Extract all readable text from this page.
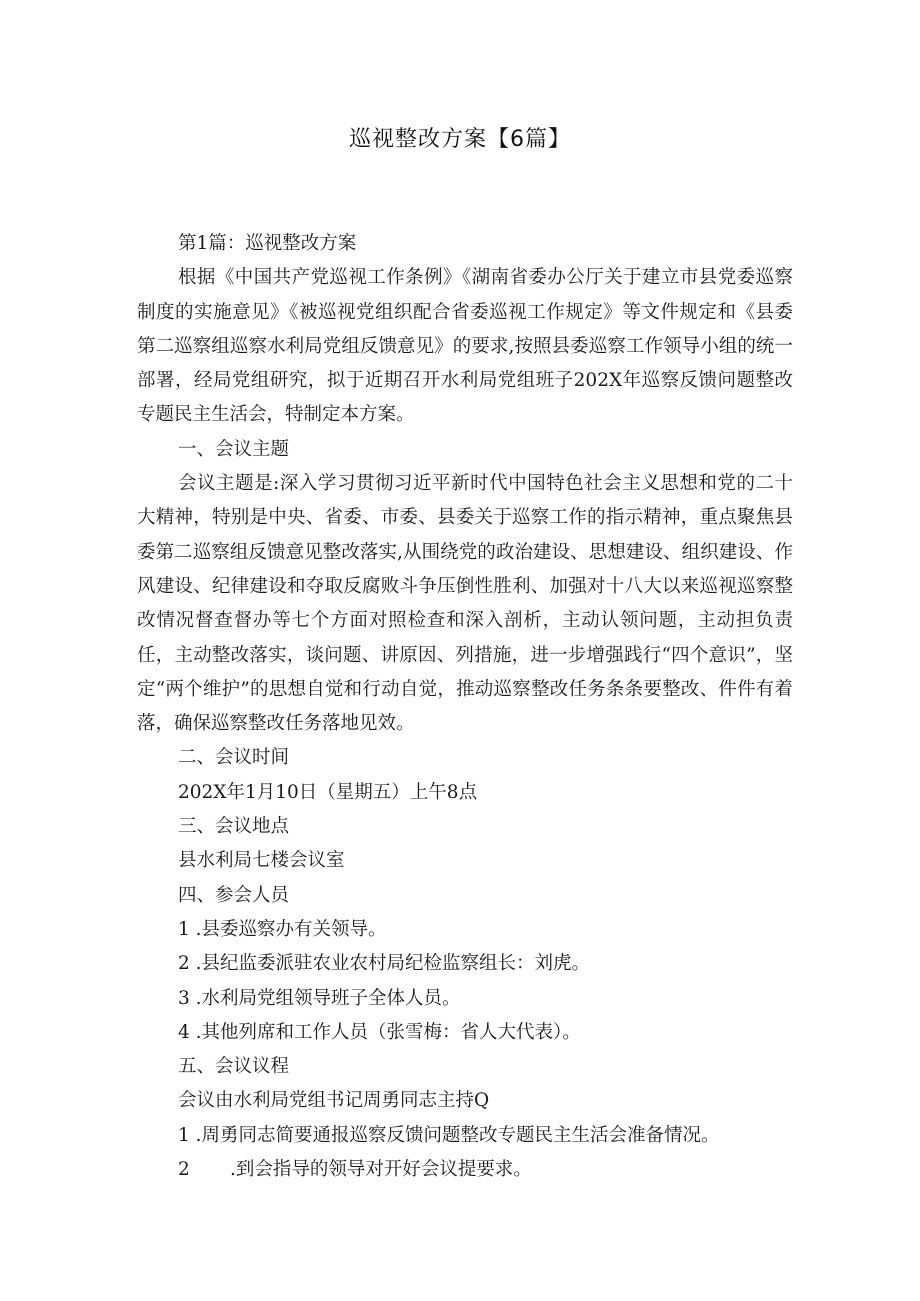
巡视整改方案【6篇】

第1篇：巡视整改方案

根据《中国共产党巡视工作条例》《湖南省委办公厅关于建立市县党委巡察制度的实施意见》《被巡视党组织配合省委巡视工作规定》等文件规定和《县委第二巡察组巡察水利局党组反馈意见》的要求,按照县委巡察工作领导小组的统一部署，经局党组研究，拟于近期召开水利局党组班子202X年巡察反馈问题整改专题民主生活会，特制定本方案。

一、会议主题

会议主题是:深入学习贯彻习近平新时代中国特色社会主义思想和党的二十大精神，特别是中央、省委、市委、县委关于巡察工作的指示精神，重点聚焦县委第二巡察组反馈意见整改落实,从围绕党的政治建设、思想建设、组织建设、作风建设、纪律建设和夺取反腐败斗争压倒性胜利、加强对十八大以来巡视巡察整改情况督查督办等七个方面对照检查和深入剖析，主动认领问题，主动担负责任，主动整改落实，谈问题、讲原因、列措施，进一步增强践行“四个意识”，坚定“两个维护”的思想自觉和行动自觉，推动巡察整改任务条条要整改、件件有着落，确保巡察整改任务落地见效。

二、会议时间

202X年1月10日（星期五）上午8点

三、会议地点

县水利局七楼会议室

四、参会人员

1 .县委巡察办有关领导。

2 .县纪监委派驻农业农村局纪检监察组长：刘虎。

3 .水利局党组领导班子全体人员。

4 .其他列席和工作人员（张雪梅：省人大代表）。

五、会议议程

会议由水利局党组书记周勇同志主持Q

1 .周勇同志简要通报巡察反馈问题整改专题民主生活会准备情况。

2 .到会指导的领导对开好会议提要求。
